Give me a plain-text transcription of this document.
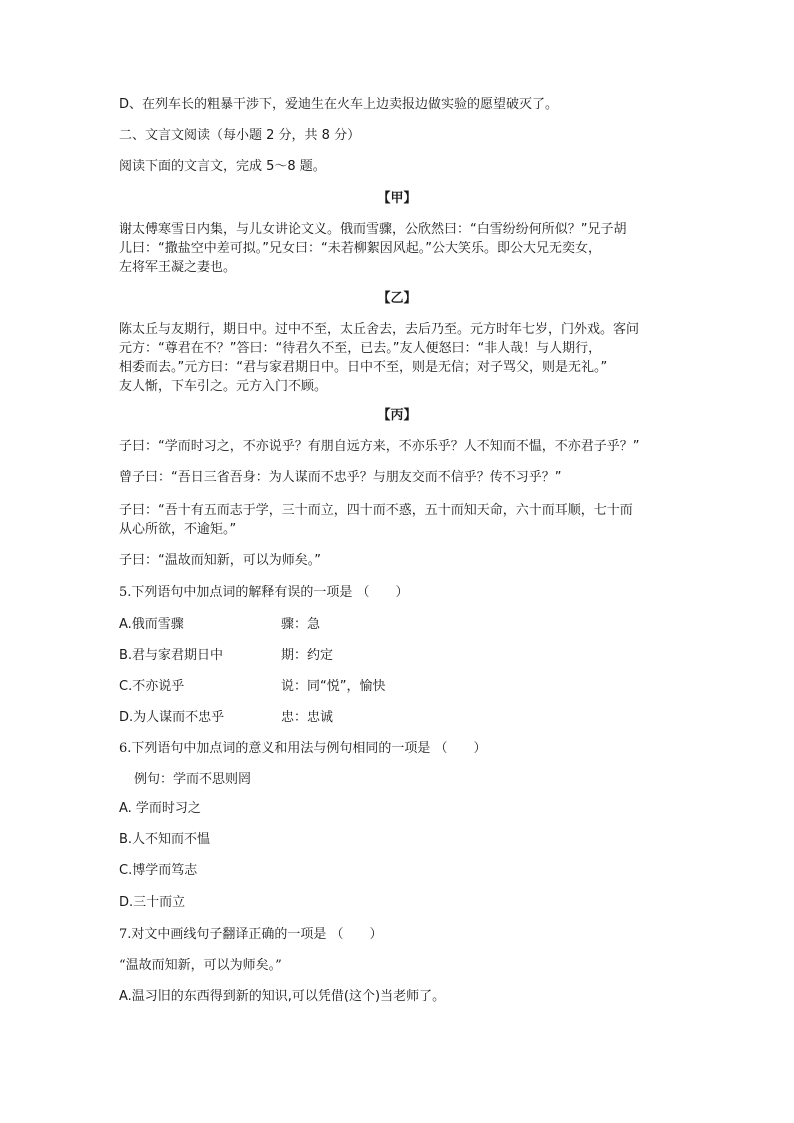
D、在列车长的粗暴干涉下，爱迪生在火车上边卖报边做实验的愿望破灭了。
二、文言文阅读（每小题 2 分，共 8 分）
阅读下面的文言文，完成 5～8 题。
【甲】
谢太傅寒雪日内集，与儿女讲论文义。俄而雪骤，公欣然曰：“白雪纷纷何所似？”兄子胡
儿曰：“撒盐空中差可拟。”兄女曰：“未若柳絮因风起。”公大笑乐。即公大兄无奕女，
左将军王凝之妻也。
【乙】
陈太丘与友期行，期日中。过中不至，太丘舍去，去后乃至。元方时年七岁，门外戏。客问
元方：“尊君在不？”答曰：“待君久不至，已去。”友人便怒曰：“非人哉！与人期行，
相委而去。”元方曰：“君与家君期日中。日中不至，则是无信；对子骂父，则是无礼。”
友人惭，下车引之。元方入门不顾。
【丙】
子曰：“学而时习之，不亦说乎？有朋自远方来，不亦乐乎？人不知而不愠，不亦君子乎？”
曾子曰：“吾日三省吾身：为人谋而不忠乎？与朋友交而不信乎？传不习乎？”
子曰：“吾十有五而志于学，三十而立，四十而不惑，五十而知天命，六十而耳顺，七十而
从心所欲，不逾矩。”
子曰：“温故而知新，可以为师矣。”
5.下列语句中加点词的解释有误的一项是 （　　）
A.俄而雪骤	骤：急
B.君与家君期日中	期：约定
C.不亦说乎	说：同“悦”，愉快
D.为人谋而不忠乎	忠：忠诚
6.下列语句中加点词的意义和用法与例句相同的一项是 （　　）
例句：学而不思则罔
A. 学而时习之
B.人不知而不愠
C.博学而笃志
D.三十而立
7.对文中画线句子翻译正确的一项是 （　　）
“温故而知新，可以为师矣。”
A.温习旧的东西得到新的知识,可以凭借(这个)当老师了。
